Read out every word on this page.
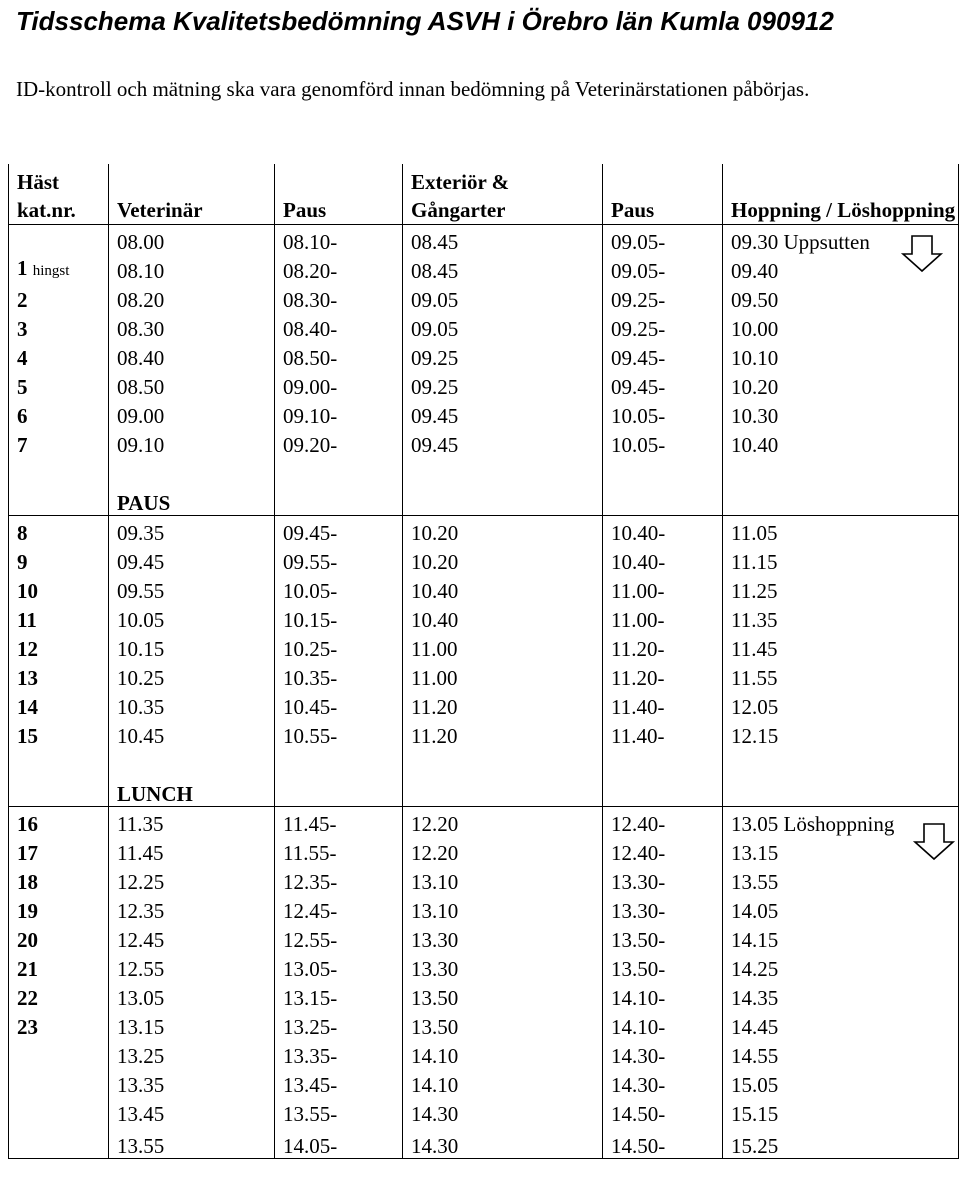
Tidsschema Kvalitetsbedömning ASVH i Örebro län Kumla 090912

ID-kontroll och mätning ska vara genomförd innan bedömning på Veterinärstationen påbörjas.

Häst kat.nr.	Veterinär	Paus	Exteriör & Gångarter	Paus	Hoppning / Löshoppning
	08.00	08.10-	08.45	09.05-	09.30 Uppsutten
1 hingst	08.10	08.20-	08.45	09.05-	09.40
2	08.20	08.30-	09.05	09.25-	09.50
3	08.30	08.40-	09.05	09.25-	10.00
4	08.40	08.50-	09.25	09.45-	10.10
5	08.50	09.00-	09.25	09.45-	10.20
6	09.00	09.10-	09.45	10.05-	10.30
7	09.10	09.20-	09.45	10.05-	10.40
	PAUS				
8	09.35	09.45-	10.20	10.40-	11.05
9	09.45	09.55-	10.20	10.40-	11.15
10	09.55	10.05-	10.40	11.00-	11.25
11	10.05	10.15-	10.40	11.00-	11.35
12	10.15	10.25-	11.00	11.20-	11.45
13	10.25	10.35-	11.00	11.20-	11.55
14	10.35	10.45-	11.20	11.40-	12.05
15	10.45	10.55-	11.20	11.40-	12.15
	LUNCH				
16	11.35	11.45-	12.20	12.40-	13.05 Löshoppning
17	11.45	11.55-	12.20	12.40-	13.15
18	12.25	12.35-	13.10	13.30-	13.55
19	12.35	12.45-	13.10	13.30-	14.05
20	12.45	12.55-	13.30	13.50-	14.15
21	12.55	13.05-	13.30	13.50-	14.25
22	13.05	13.15-	13.50	14.10-	14.35
23	13.15	13.25-	13.50	14.10-	14.45
	13.25	13.35-	14.10	14.30-	14.55
	13.35	13.45-	14.10	14.30-	15.05
	13.45	13.55-	14.30	14.50-	15.15
	13.55	14.05-	14.30	14.50-	15.25
